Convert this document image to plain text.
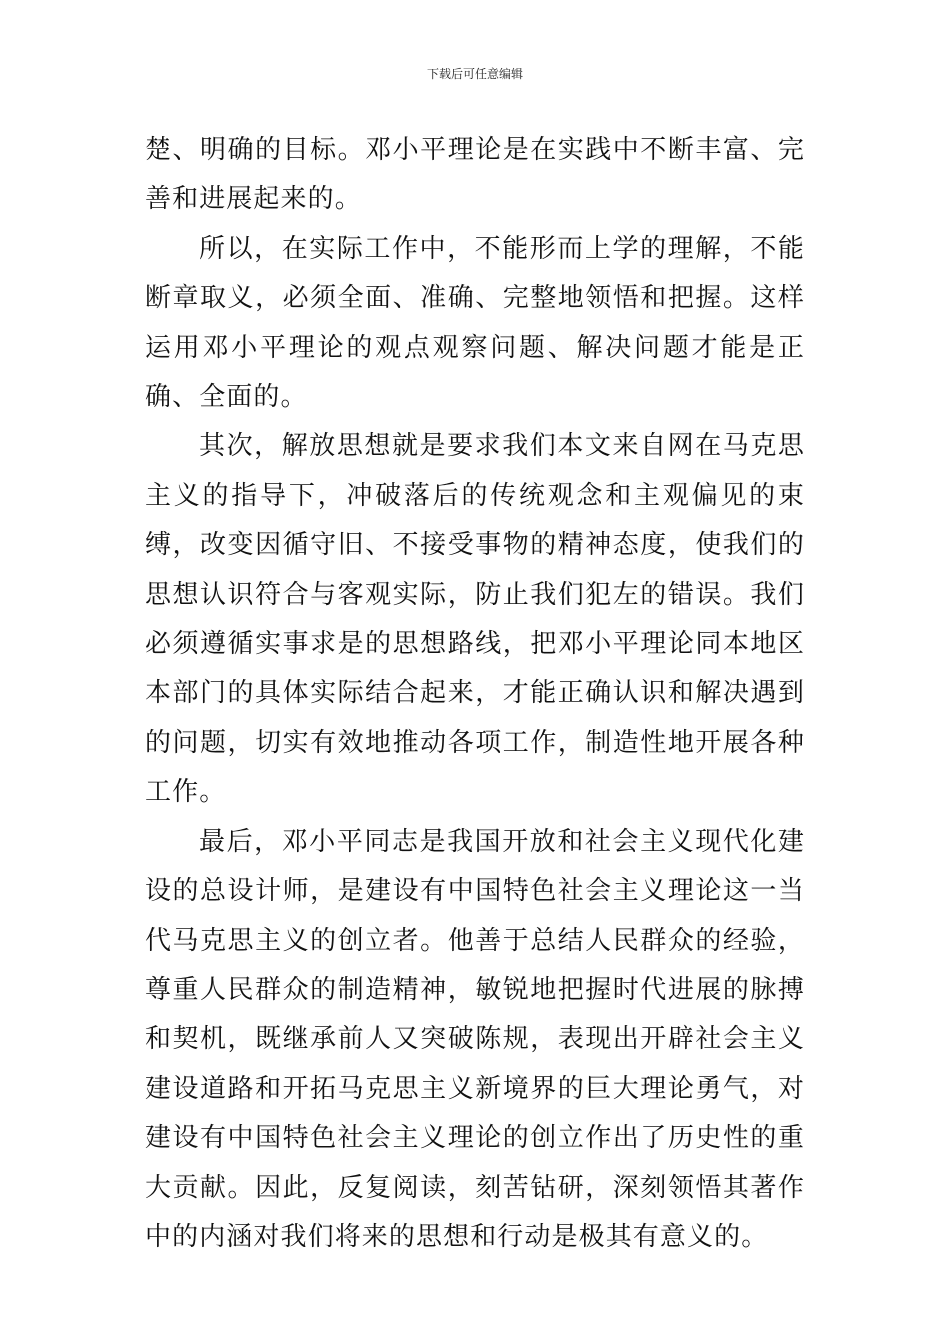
下载后可任意编辑

楚、明确的目标。邓小平理论是在实践中不断丰富、完善和进展起来的。

所以，在实际工作中，不能形而上学的理解，不能断章取义，必须全面、准确、完整地领悟和把握。这样运用邓小平理论的观点观察问题、解决问题才能是正确、全面的。

其次，解放思想就是要求我们本文来自网在马克思主义的指导下，冲破落后的传统观念和主观偏见的束缚，改变因循守旧、不接受事物的精神态度，使我们的思想认识符合与客观实际，防止我们犯左的错误。我们必须遵循实事求是的思想路线，把邓小平理论同本地区本部门的具体实际结合起来，才能正确认识和解决遇到的问题，切实有效地推动各项工作，制造性地开展各种工作。

最后，邓小平同志是我国开放和社会主义现代化建设的总设计师，是建设有中国特色社会主义理论这一当代马克思主义的创立者。他善于总结人民群众的经验，尊重人民群众的制造精神，敏锐地把握时代进展的脉搏和契机，既继承前人又突破陈规，表现出开辟社会主义建设道路和开拓马克思主义新境界的巨大理论勇气，对建设有中国特色社会主义理论的创立作出了历史性的重大贡献。因此，反复阅读，刻苦钻研，深刻领悟其著作中的内涵对我们将来的思想和行动是极其有意义的。
